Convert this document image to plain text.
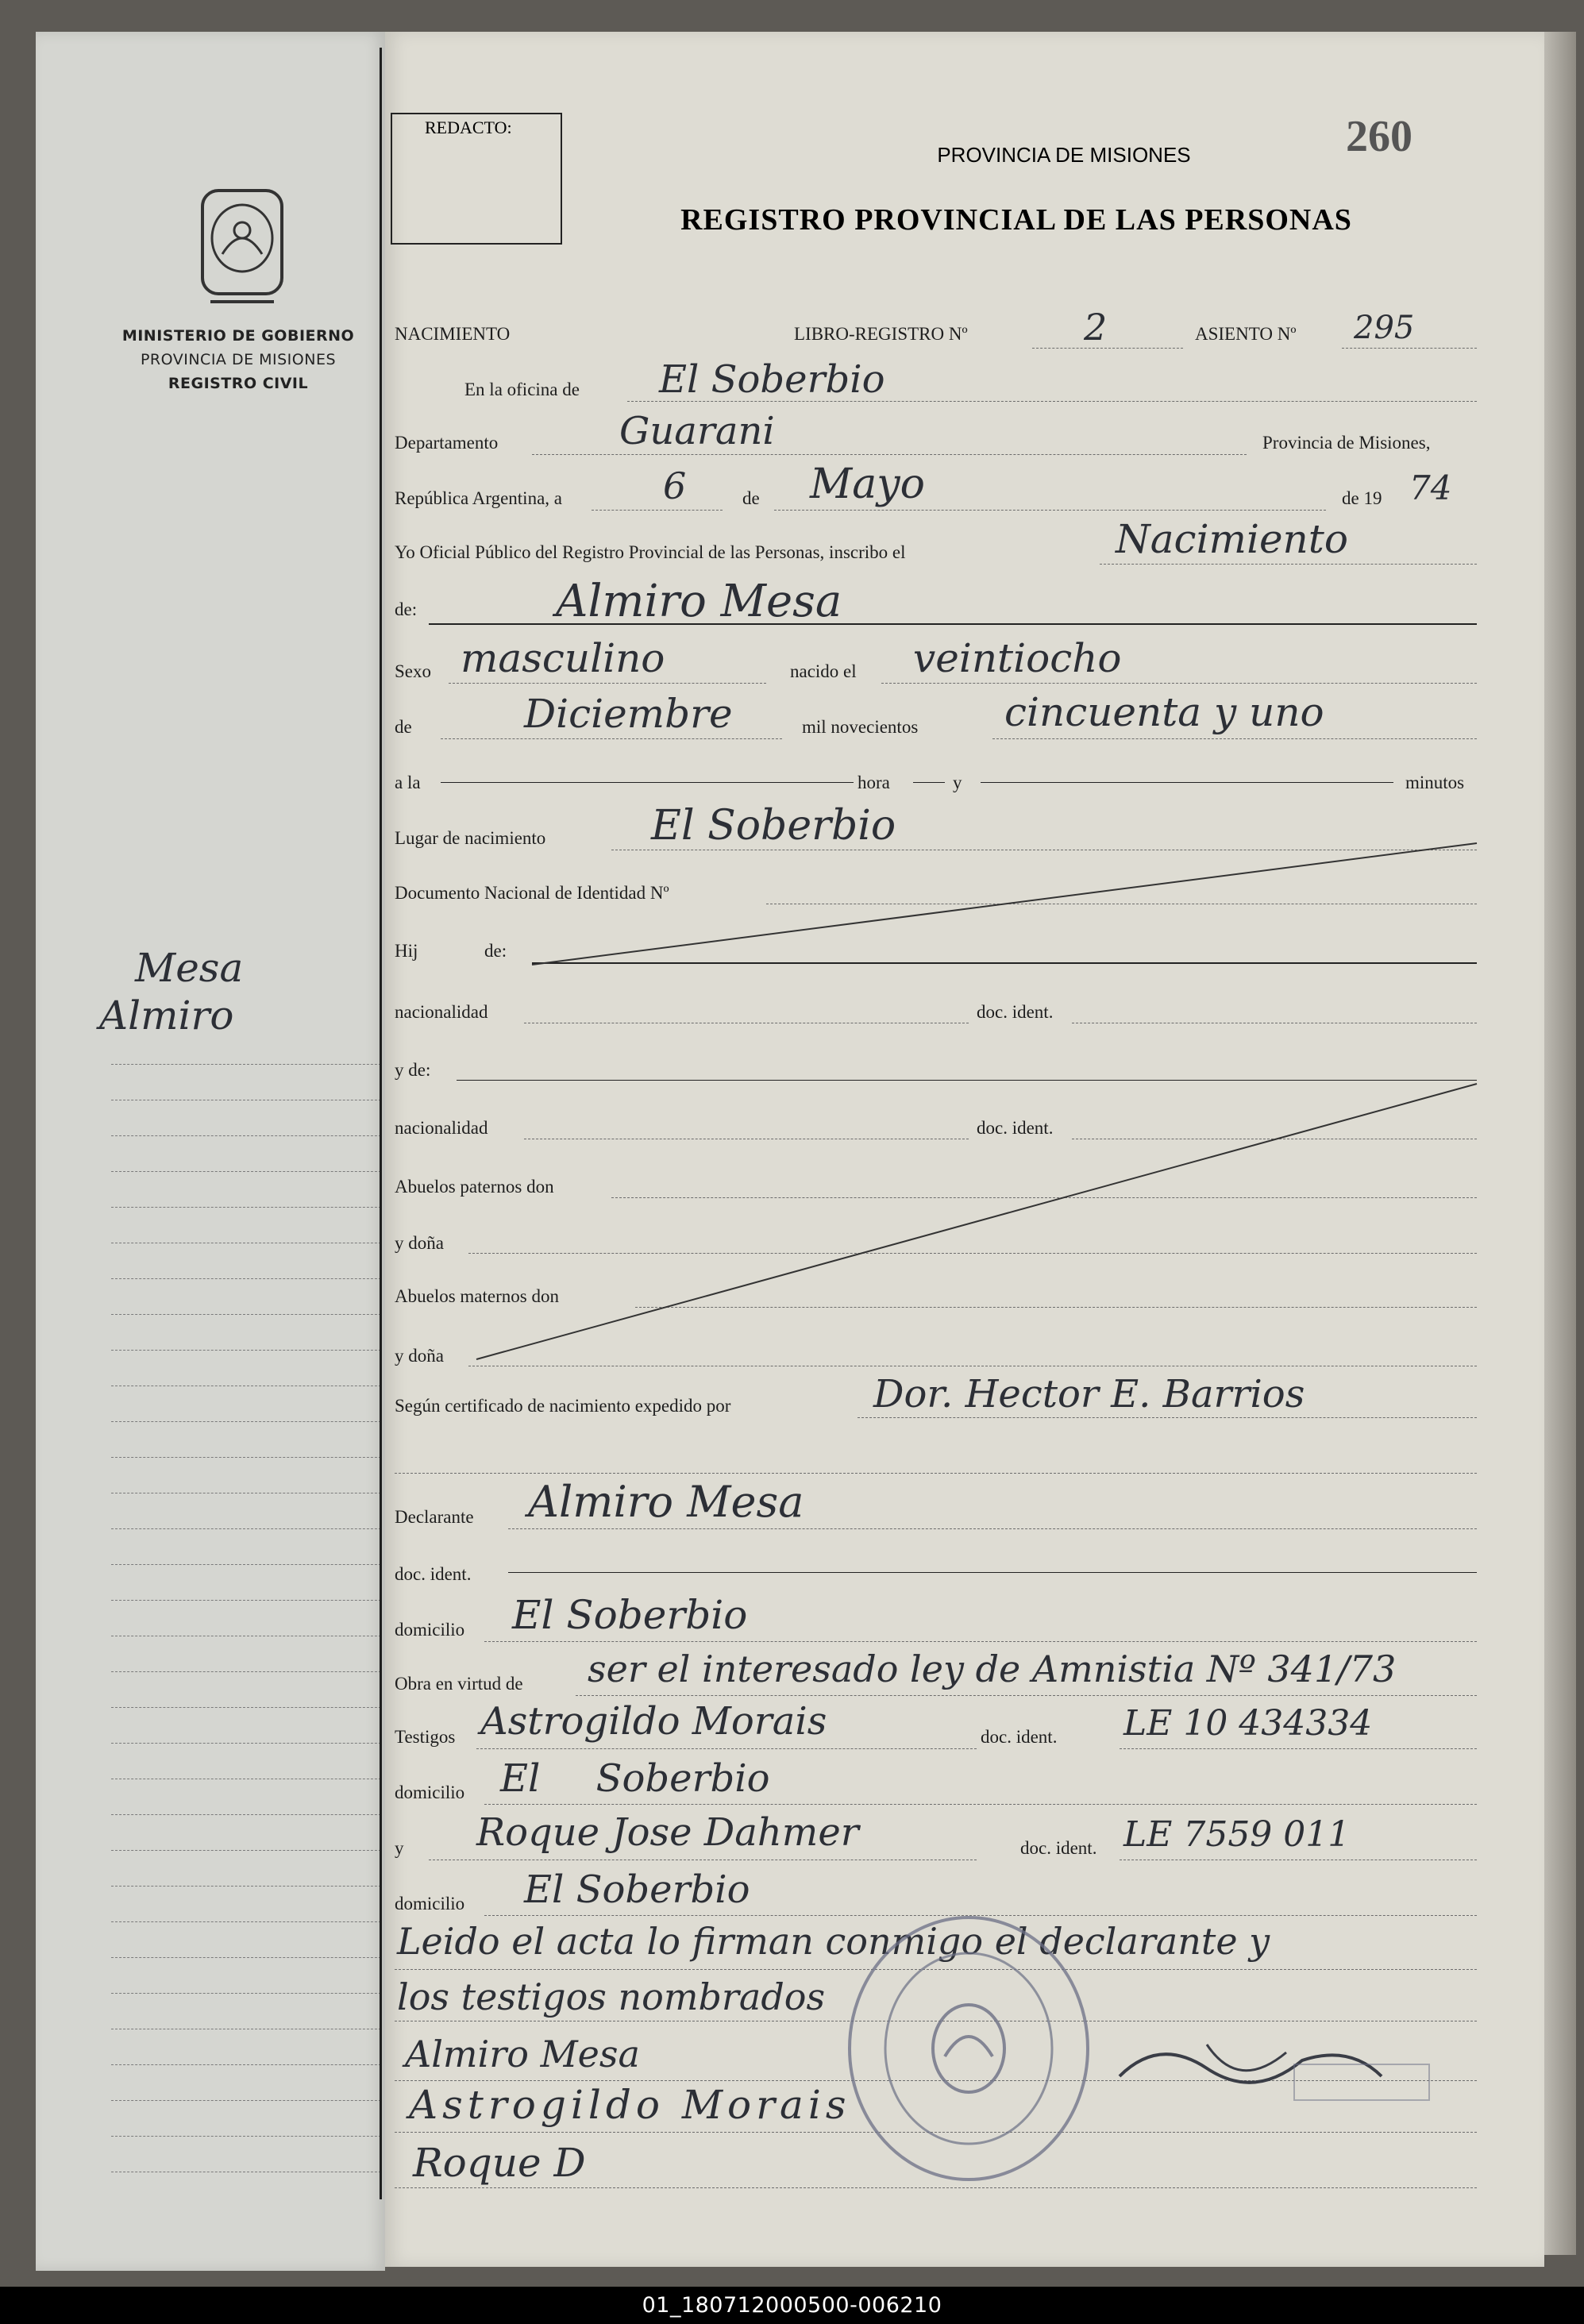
MINISTERIO DE GOBIERNO
PROVINCIA DE MISIONES
REGISTRO CIVIL
Mesa
Almiro
REDACTO:
PROVINCIA DE MISIONES	260
REGISTRO PROVINCIAL DE LAS PERSONAS
NACIMIENTO	LIBRO-REGISTRO Nº	2	ASIENTO Nº 295
En la oficina de El Soberbio
Departamento	Guarani	Provincia de Misiones,
República Argentina, a	6	de Mayo	de 19 74
Yo Oficial Público del Registro Provincial de las Personas, inscribo el	Nacimiento
de:	Almiro Mesa
Sexo masculino	nacido el veintiocho
de	Diciembre	mil novecientos cincuenta y uno
a la	hora	y	minutos
Lugar de nacimiento	El Soberbio
Documento Nacional de Identidad Nº
Hij	de:
nacionalidad	doc. ident.
y de:
nacionalidad	doc. ident.
Abuelos paternos don
y doña
Abuelos maternos don
y doña
Según certificado de nacimiento expedido por	Dor. Hector E. Barrios
Declarante Almiro Mesa
doc. ident.
domicilio El Soberbio
Obra en virtud de ser el interesado ley de Amnistia Nº 341/73
Testigos Astrogildo Morais	doc. ident. LE 10 434334
domicilio El Soberbio
y Roque Jose Dahmer	doc. ident. LE 7559 011
domicilio El Soberbio
Leido el acta lo firman conmigo el declarante y
los testigos nombrados
Almiro Mesa
Astrogildo Morais
Roque D
01_180712000500-006210
